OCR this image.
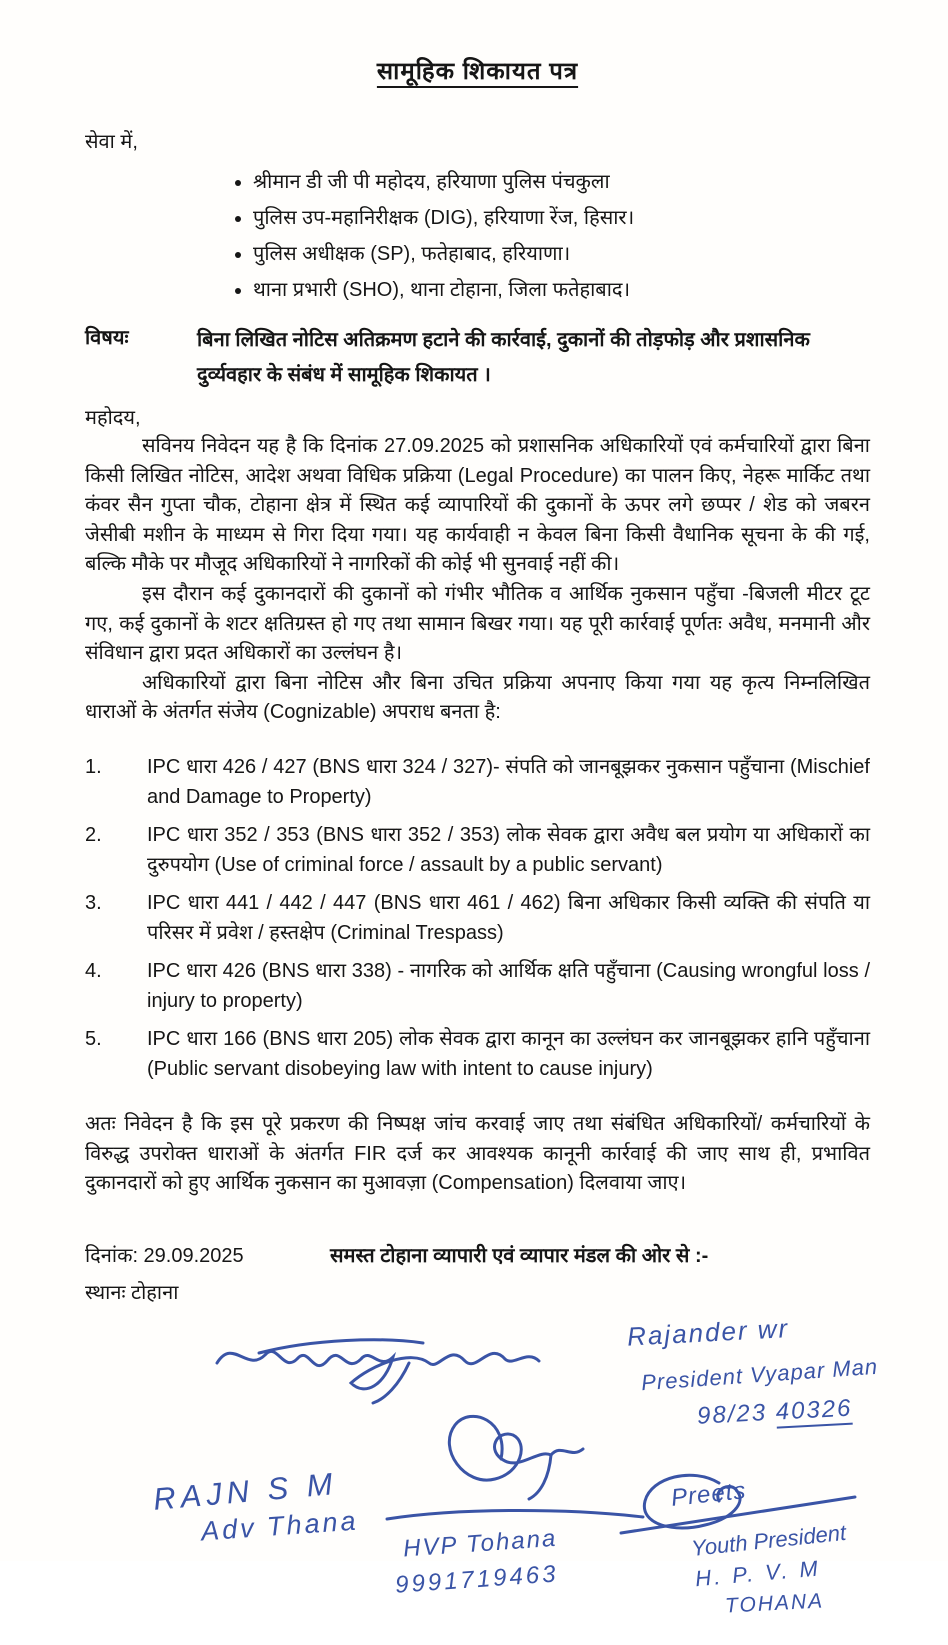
सामूहिक शिकायत पत्र
सेवा में,
• श्रीमान डी जी पी महोदय, हरियाणा पुलिस पंचकुला
• पुलिस उप-महानिरीक्षक (DIG), हरियाणा रेंज, हिसार।
• पुलिस अधीक्षक (SP), फतेहाबाद, हरियाणा।
• थाना प्रभारी (SHO), थाना टोहाना, जिला फतेहाबाद।
विषयः	बिना लिखित नोटिस अतिक्रमण हटाने की कार्रवाई, दुकानों की तोड़फोड़ और प्रशासनिक दुर्व्यवहार के संबंध में सामूहिक शिकायत ।
महोदय,

सविनय निवेदन यह है कि दिनांक 27.09.2025 को प्रशासनिक अधिकारियों एवं कर्मचारियों द्वारा बिना किसी लिखित नोटिस, आदेश अथवा विधिक प्रक्रिया (Legal Procedure) का पालन किए, नेहरू मार्किट तथा कंवर सैन गुप्ता चौक, टोहाना क्षेत्र में स्थित कई व्यापारियों की दुकानों के ऊपर लगे छप्पर / शेड को जबरन जेसीबी मशीन के माध्यम से गिरा दिया गया। यह कार्यवाही न केवल बिना किसी वैधानिक सूचना के की गई, बल्कि मौके पर मौजूद अधिकारियों ने नागरिकों की कोई भी सुनवाई नहीं की।

इस दौरान कई दुकानदारों की दुकानों को गंभीर भौतिक व आर्थिक नुकसान पहुँचा -बिजली मीटर टूट गए, कई दुकानों के शटर क्षतिग्रस्त हो गए तथा सामान बिखर गया। यह पूरी कार्रवाई पूर्णतः अवैध, मनमानी और संविधान द्वारा प्रदत अधिकारों का उल्लंघन है।

अधिकारियों द्वारा बिना नोटिस और बिना उचित प्रक्रिया अपनाए किया गया यह कृत्य निम्नलिखित धाराओं के अंतर्गत संजेय (Cognizable) अपराध बनता है:

1.	IPC धारा 426 / 427 (BNS धारा 324 / 327)- संपति को जानबूझकर नुकसान पहुँचाना (Mischief and Damage to Property)
2.	IPC धारा 352 / 353 (BNS धारा 352 / 353) लोक सेवक द्वारा अवैध बल प्रयोग या अधिकारों का दुरुपयोग (Use of criminal force / assault by a public servant)
3.	IPC धारा 441 / 442 / 447 (BNS धारा 461 / 462) बिना अधिकार किसी व्यक्ति की संपति या परिसर में प्रवेश / हस्तक्षेप (Criminal Trespass)
4.	IPC धारा 426 (BNS धारा 338) - नागरिक को आर्थिक क्षति पहुँचाना (Causing wrongful loss / injury to property)
5.	IPC धारा 166 (BNS धारा 205) लोक सेवक द्वारा कानून का उल्लंघन कर जानबूझकर हानि पहुँचाना (Public servant disobeying law with intent to cause injury)

अतः निवेदन है कि इस पूरे प्रकरण की निष्पक्ष जांच करवाई जाए तथा संबंधित अधिकारियों/ कर्मचारियों के विरुद्ध उपरोक्त धाराओं के अंतर्गत FIR दर्ज कर आवश्यक कानूनी कार्रवाई की जाए साथ ही, प्रभावित दुकानदारों को हुए आर्थिक नुकसान का मुआवज़ा (Compensation) दिलवाया जाए।

दिनांक: 29.09.2025	समस्त टोहाना व्यापारी एवं व्यापार मंडल की ओर से :-
स्थानः टोहाना
Rajander wr
President Vyapar Man
98/23 40326
HVP Tohana
9991719463
RAJN S M
Adv Thana
Preets
Youth President
H. P. V. M
TOHANA
